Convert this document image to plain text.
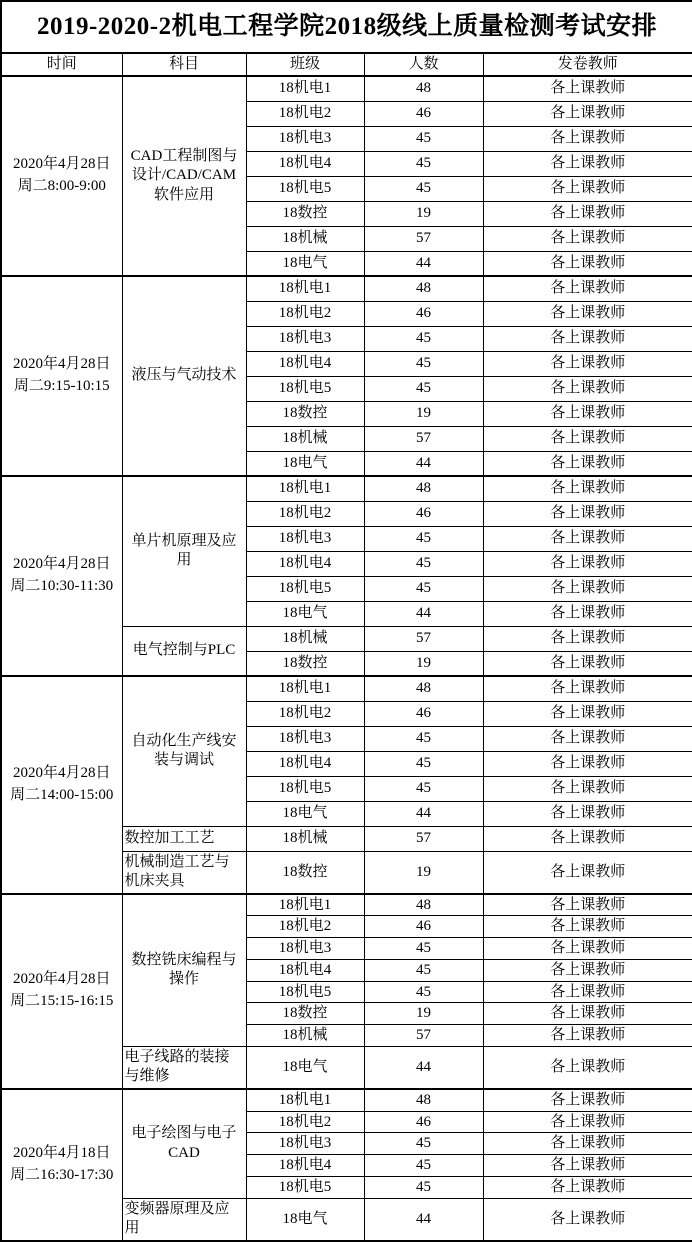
2019-2020-2机电工程学院2018级线上质量检测考试安排				
时间	科目	班级	人数	发卷教师

2020年4月28日
周二8:00-9:00	CAD工程制图与设计/CAD/CAM软件应用	18机电1	48	各上课教师
		18机电2	46	各上课教师
		18机电3	45	各上课教师
		18机电4	45	各上课教师
		18机电5	45	各上课教师
		18数控	19	各上课教师
		18机械	57	各上课教师
		18电气	44	各上课教师

2020年4月28日
周二9:15-10:15	液压与气动技术	18机电1	48	各上课教师
		18机电2	46	各上课教师
		18机电3	45	各上课教师
		18机电4	45	各上课教师
		18机电5	45	各上课教师
		18数控	19	各上课教师
		18机械	57	各上课教师
		18电气	44	各上课教师

2020年4月28日
周二10:30-11:30	单片机原理及应用	18机电1	48	各上课教师
		18机电2	46	各上课教师
		18机电3	45	各上课教师
		18机电4	45	各上课教师
		18机电5	45	各上课教师
		18电气	44	各上课教师
	电气控制与PLC	18机械	57	各上课教师
		18数控	19	各上课教师

2020年4月28日
周二14:00-15:00	自动化生产线安装与调试	18机电1	48	各上课教师
		18机电2	46	各上课教师
		18机电3	45	各上课教师
		18机电4	45	各上课教师
		18机电5	45	各上课教师
		18电气	44	各上课教师
	数控加工工艺	18机械	57	各上课教师
	机械制造工艺与机床夹具	18数控	19	各上课教师

2020年4月28日
周二15:15-16:15	数控铣床编程与操作	18机电1	48	各上课教师
		18机电2	46	各上课教师
		18机电3	45	各上课教师
		18机电4	45	各上课教师
		18机电5	45	各上课教师
		18数控	19	各上课教师
		18机械	57	各上课教师
	电子线路的装接与维修	18电气	44	各上课教师

2020年4月18日
周二16:30-17:30	电子绘图与电子CAD	18机电1	48	各上课教师
		18机电2	46	各上课教师
		18机电3	45	各上课教师
		18机电4	45	各上课教师
		18机电5	45	各上课教师
	变频器原理及应用	18电气	44	各上课教师
